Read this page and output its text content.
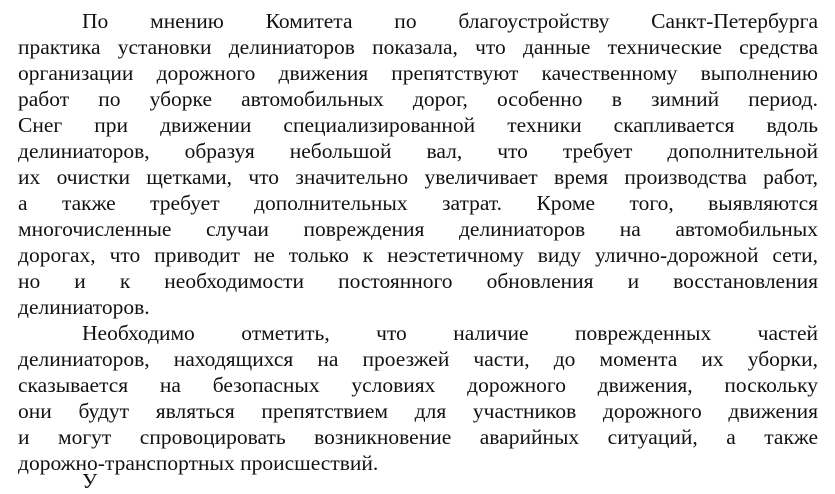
По мнению Комитета по благоустройству Санкт-Петербурга

практика установки делиниаторов показала, что данные технические средства

организации дорожного движения препятствуют качественному выполнению

работ по уборке автомобильных дорог, особенно в зимний период.

Снег при движении специализированной техники скапливается вдоль

делиниаторов, образуя небольшой вал, что требует дополнительной

их очистки щетками, что значительно увеличивает время производства работ,

а также требует дополнительных затрат. Кроме того, выявляются

многочисленные случаи повреждения делиниаторов на автомобильных

дорогах, что приводит не только к неэстетичному виду улично-дорожной сети,

но и к необходимости постоянного обновления и восстановления

делиниаторов.

Необходимо отметить, что наличие поврежденных частей

делиниаторов, находящихся на проезжей части, до момента их уборки,

сказывается на безопасных условиях дорожного движения, поскольку

они будут являться препятствием для участников дорожного движения

и могут спровоцировать возникновение аварийных ситуаций, а также

дорожно-транспортных происшествий.

У
